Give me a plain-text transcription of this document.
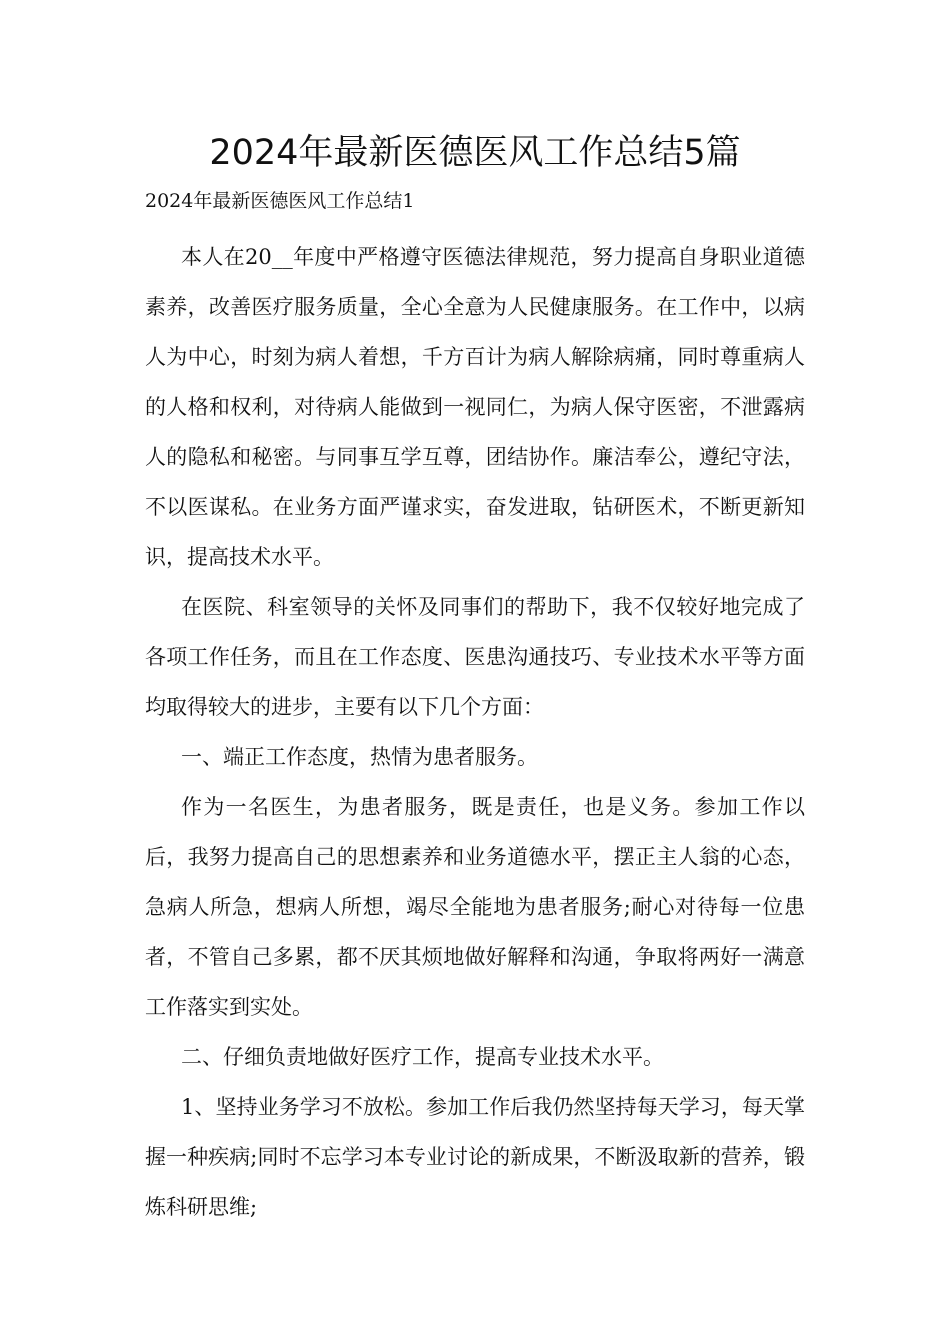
2024年最新医德医风工作总结5篇

2024年最新医德医风工作总结1

本人在20__年度中严格遵守医德法律规范，努力提高自身职业道德素养，改善医疗服务质量，全心全意为人民健康服务。在工作中，以病人为中心，时刻为病人着想，千方百计为病人解除病痛，同时尊重病人的人格和权利，对待病人能做到一视同仁，为病人保守医密，不泄露病人的隐私和秘密。与同事互学互尊，团结协作。廉洁奉公，遵纪守法，不以医谋私。在业务方面严谨求实，奋发进取，钻研医术，不断更新知识，提高技术水平。

在医院、科室领导的关怀及同事们的帮助下，我不仅较好地完成了各项工作任务，而且在工作态度、医患沟通技巧、专业技术水平等方面均取得较大的进步，主要有以下几个方面：

一、端正工作态度，热情为患者服务。

作为一名医生，为患者服务，既是责任，也是义务。参加工作以后，我努力提高自己的思想素养和业务道德水平，摆正主人翁的心态，急病人所急，想病人所想，竭尽全能地为患者服务;耐心对待每一位患者，不管自己多累，都不厌其烦地做好解释和沟通，争取将两好一满意工作落实到实处。

二、仔细负责地做好医疗工作，提高专业技术水平。

1、坚持业务学习不放松。参加工作后我仍然坚持每天学习，每天掌握一种疾病;同时不忘学习本专业讨论的新成果，不断汲取新的营养，锻炼科研思维;
